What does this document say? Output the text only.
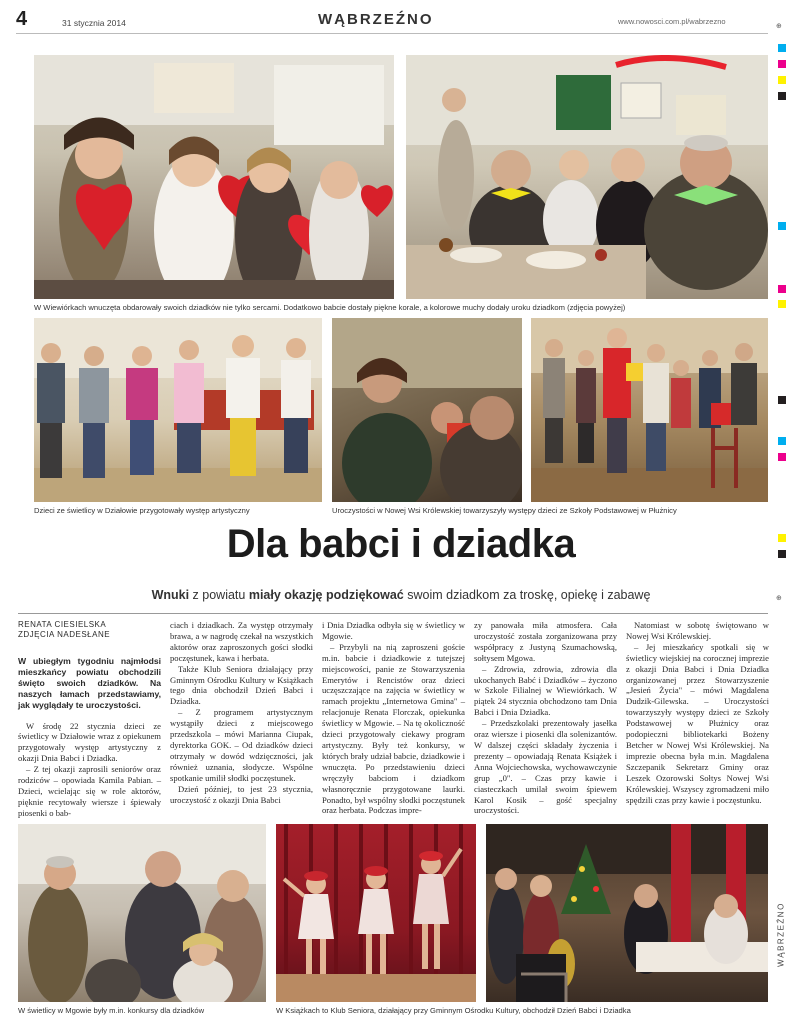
4	31 stycznia 2014	WĄBRZEŹNO	www.nowosci.com.pl/wabrzezno
W Wiewiórkach wnuczęta obdarowały swoich dziadków nie tylko sercami. Dodatkowo babcie dostały piękne korale, a kolorowe muchy dodały uroku dziadkom (zdjęcia powyżej)
Dzieci ze świetlicy w Działowie przygotowały występ artystyczny	Uroczystości w Nowej Wsi Królewskiej towarzyszyły występy dzieci ze Szkoły Podstawowej w Płużnicy
Dla babci i dziadka
Wnuki z powiatu miały okazję podziękować swoim dziadkom za troskę, opiekę i zabawę

RENATA CIESIELSKA
ZDJĘCIA NADESŁANE

W ubiegłym tygodniu najmłodsi mieszkańcy powiatu obchodzili święto swoich dziadków. Na naszych łamach przedstawiamy, jak wyglądały te uroczystości.

W środę 22 stycznia dzieci ze świetlicy w Działowie wraz z opiekunem przygotowały występ artystyczny z okazji Dnia Babci i Dziadka.

– Z tej okazji zaprosili seniorów oraz rodziców – opowiada Kamila Pabian. – Dzieci, wcielając się w role aktorów, pięknie recytowały wiersze i śpiewały piosenki o bab-

ciach i dziadkach. Za występ otrzymały brawa, a w nagrodę czekał na wszystkich aktorów oraz zaproszonych gości słodki poczęstunek, kawa i herbata.

Także Klub Seniora działający przy Gminnym Ośrodku Kultury w Książkach tego dnia obchodził Dzień Babci i Dziadka.

– Z programem artystycznym wystąpiły dzieci z miejscowego przedszkola – mówi Marianna Ciupak, dyrektorka GOK. – Od dziadków dzieci otrzymały w dowód wdzięczności, jak również uznania, słodycze. Wspólne spotkanie umilił słodki poczęstunek.

Dzień później, to jest 23 stycznia, uroczystość z okazji Dnia Babci

i Dnia Dziadka odbyła się w świetlicy w Mgowie.

– Przybyli na nią zaproszeni goście m.in. babcie i dziadkowie z tutejszej miejscowości, panie ze Stowarzyszenia Emerytów i Rencistów oraz dzieci uczęszczające na zajęcia w świetlicy w ramach projektu „Internetowa Gmina" – relacjonuje Renata Florczak, opiekunka świetlicy w Mgowie. – Na tę okoliczność dzieci przygotowały ciekawy program artystyczny. Były też konkursy, w których brały udział babcie, dziadkowie i wnuczęta. Po przedstawieniu dzieci wręczyły babciom i dziadkom własnoręcznie przygotowane laurki. Ponadto, był wspólny słodki poczęstunek oraz herbata. Podczas impre-

zy panowała miła atmosfera. Cała uroczystość została zorganizowana przy współpracy z Justyną Szumachowską, sołtysem Mgowa.

– Zdrowia, zdrowia, zdrowia dla ukochanych Babć i Dziadków – życzono w Szkole Filialnej w Wiewiórkach. W piątek 24 stycznia obchodzono tam Dnia Babci i Dnia Dziadka.

– Przedszkolaki prezentowały jasełka oraz wiersze i piosenki dla solenizantów. W dalszej części składały życzenia i prezenty – opowiadają Renata Książek i Anna Wojciechowska, wychowawczynie grup „0". – Czas przy kawie i ciasteczkach umilał swoim śpiewem Karol Kosik – gość specjalny uroczystości.

Natomiast w sobotę świętowano w Nowej Wsi Królewskiej.

– Jej mieszkańcy spotkali się w świetlicy wiejskiej na corocznej imprezie z okazji Dnia Babci i Dnia Dziadka organizowanej przez Stowarzyszenie „Jesień Życia" – mówi Magdalena Dudzik-Gilewska. – Uroczystości towarzyszyły występy dzieci ze Szkoły Podstawowej w Płużnicy oraz podopieczni bibliotekarki Bożeny Betcher w Nowej Wsi Królewskiej. Na imprezie obecna była m.in. Magdalena Szczepanik Sekretarz Gminy oraz Leszek Ozorowski Sołtys Nowej Wsi Królewskiej. Wszyscy zgromadzeni miło spędzili czas przy kawie i poczęstunku.

W świetlicy w Mgowie były m.in. konkursy dla dziadków	W Książkach to Klub Seniora, działający przy Gminnym Ośrodku Kultury, obchodził Dzień Babci i Dziadka
⊕
⊕
WĄBRZEŹNO
